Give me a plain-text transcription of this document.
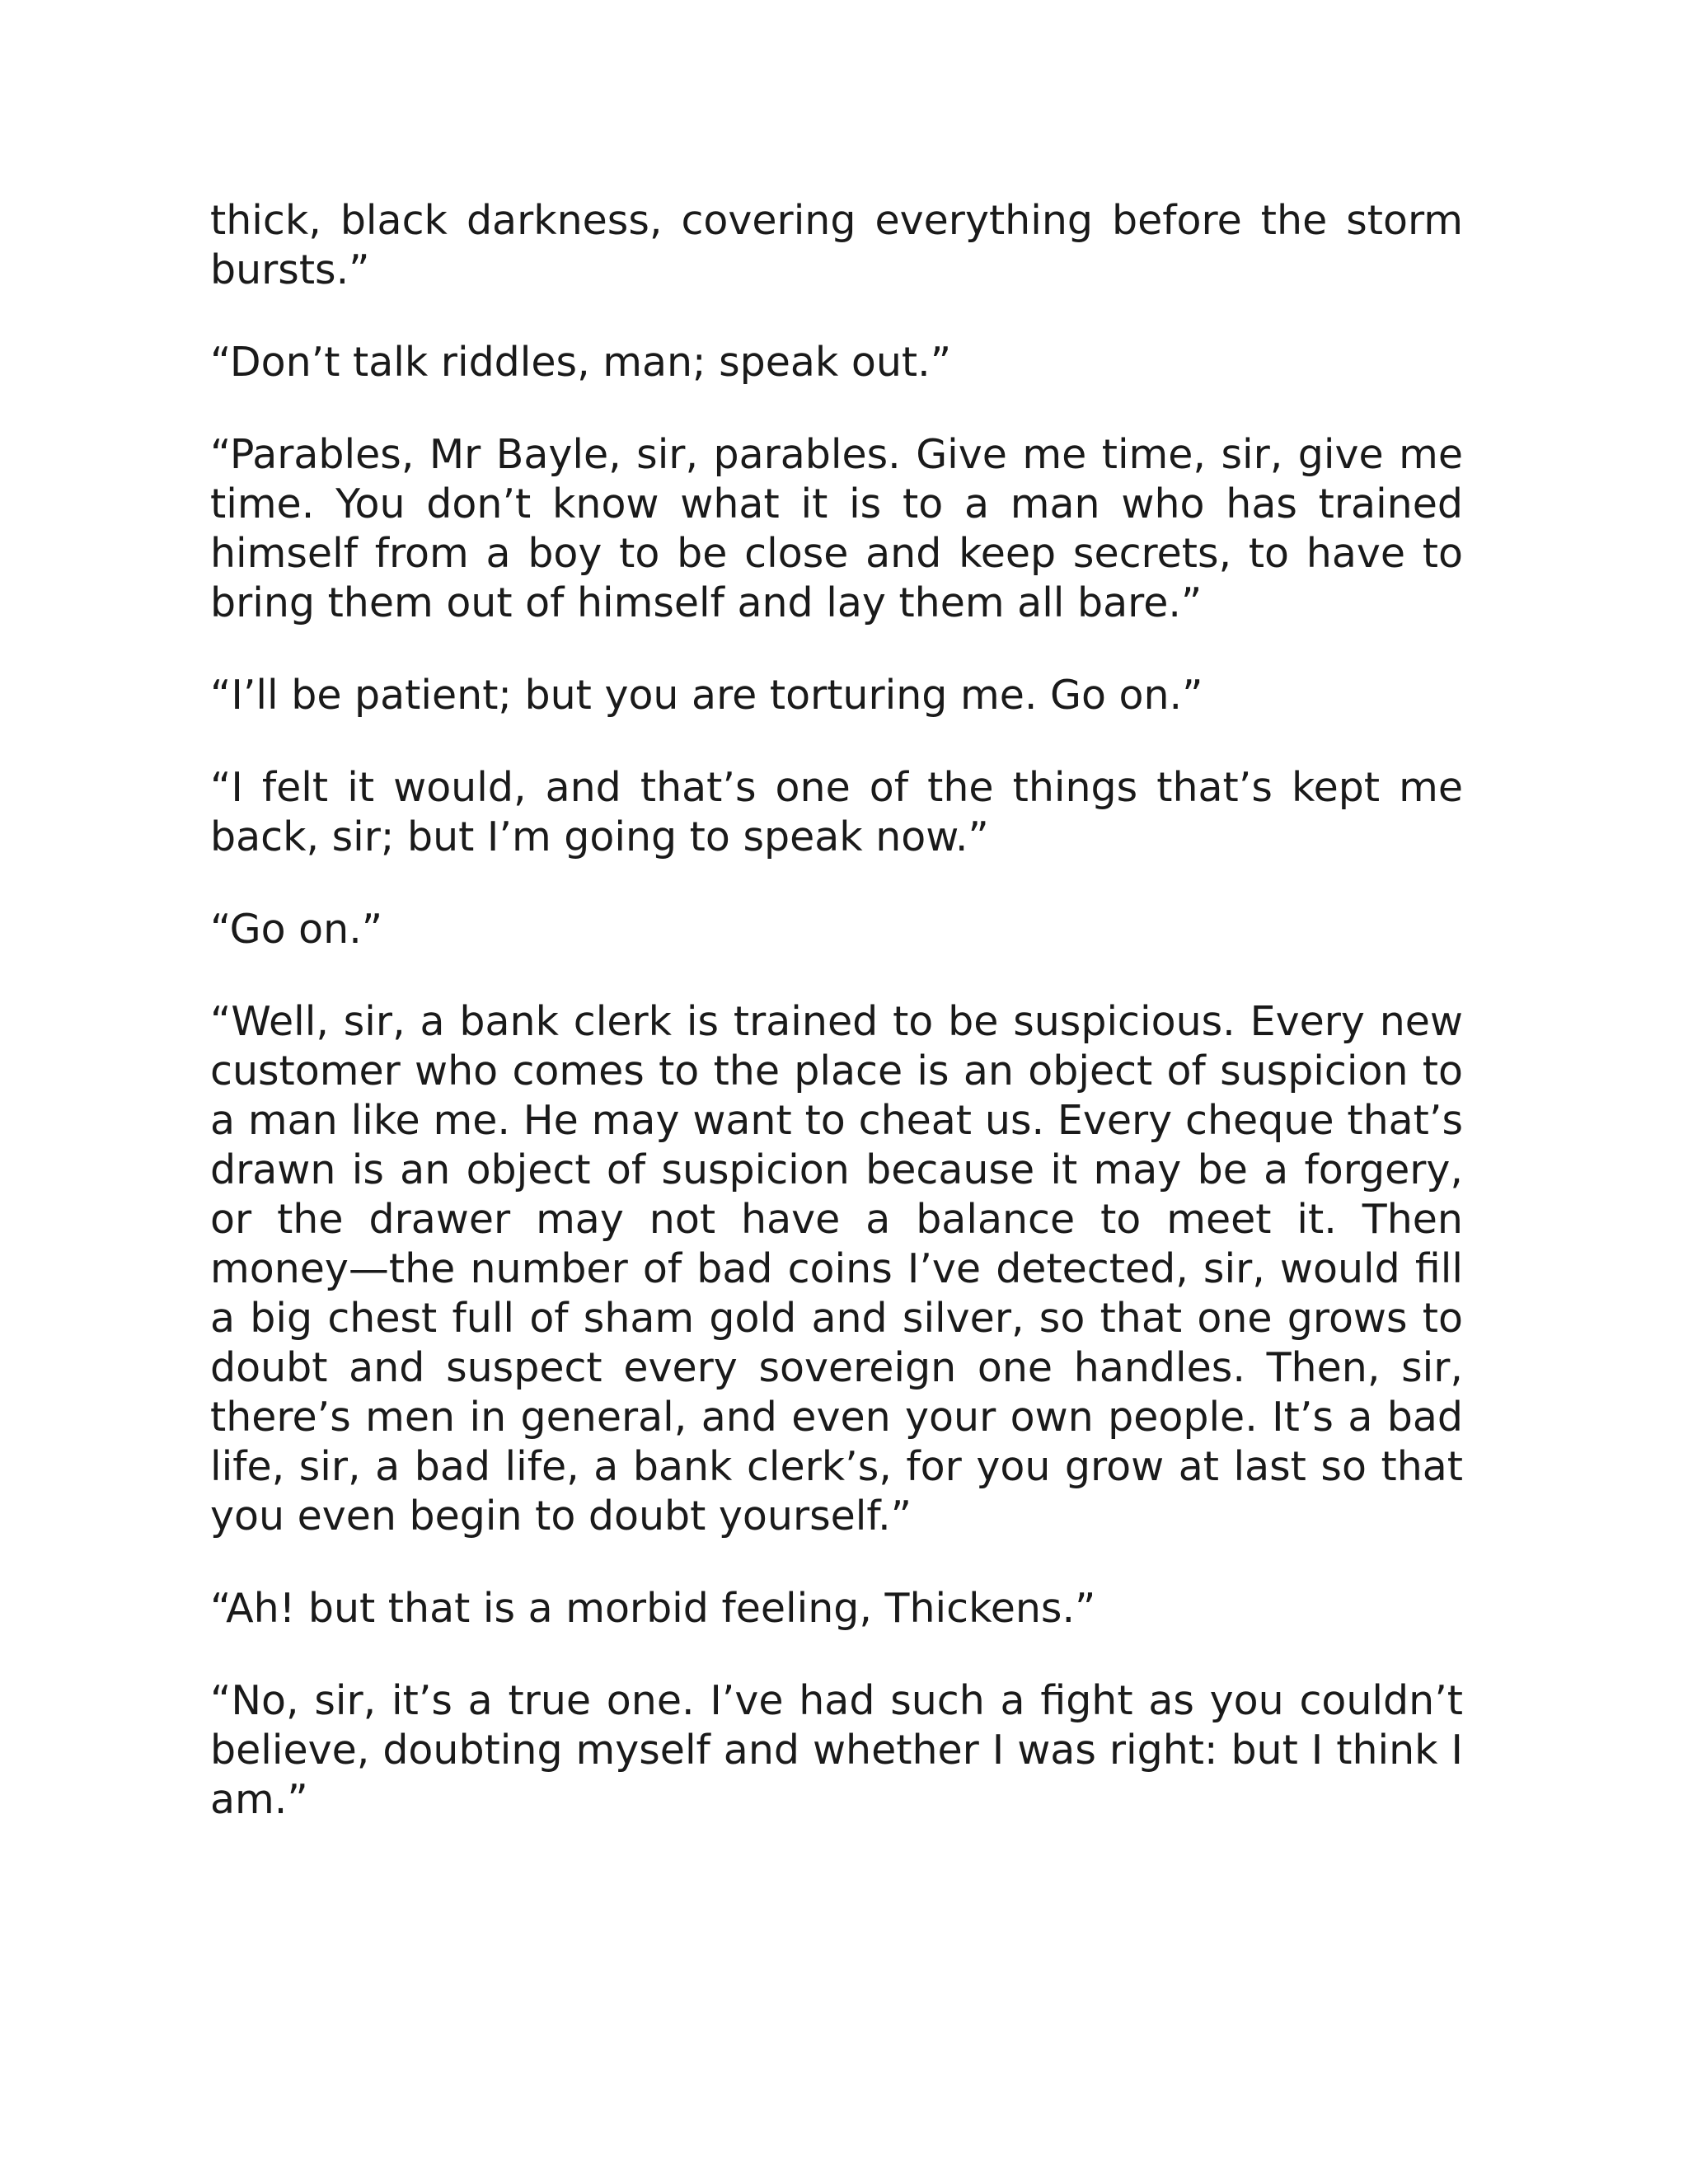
thick, black darkness, covering everything before the storm bursts.”

“Don’t talk riddles, man; speak out.”

“Parables, Mr Bayle, sir, parables. Give me time, sir, give me time. You don’t know what it is to a man who has trained himself from a boy to be close and keep secrets, to have to bring them out of himself and lay them all bare.”

“I’ll be patient; but you are torturing me. Go on.”

“I felt it would, and that’s one of the things that’s kept me back, sir; but I’m going to speak now.”

“Go on.”

“Well, sir, a bank clerk is trained to be suspicious. Every new customer who comes to the place is an object of suspicion to a man like me. He may want to cheat us. Every cheque that’s drawn is an object of suspicion because it may be a forgery, or the drawer may not have a balance to meet it. Then money—the number of bad coins I’ve detected, sir, would fill a big chest full of sham gold and silver, so that one grows to doubt and suspect every sovereign one handles. Then, sir, there’s men in general, and even your own people. It’s a bad life, sir, a bad life, a bank clerk’s, for you grow at last so that you even begin to doubt yourself.”

“Ah! but that is a morbid feeling, Thickens.”

“No, sir, it’s a true one. I’ve had such a fight as you couldn’t believe, doubting myself and whether I was right: but I think I am.”
